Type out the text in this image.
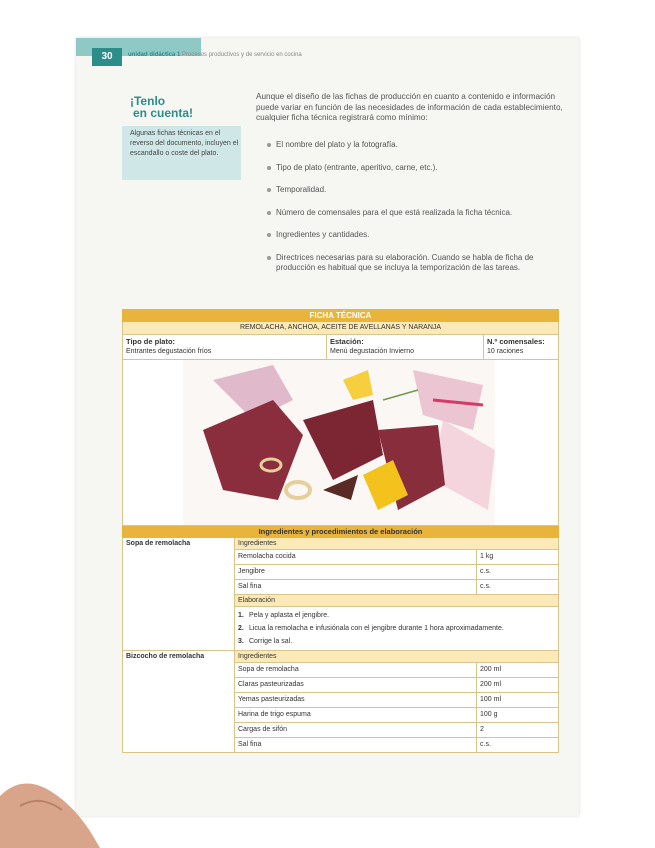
30	unidad didáctica 1 Procesos productivos y de servicio en cocina
¡Tenlo
en cuenta!
Algunas fichas técnicas en el reverso del documento, incluyen el escandallo o coste del plato.
Aunque el diseño de las fichas de producción en cuanto a contenido e información puede variar en función de las necesidades de información de cada establecimiento, cualquier ficha técnica registrará como mínimo:
El nombre del plato y la fotografía.
Tipo de plato (entrante, aperitivo, carne, etc.).
Temporalidad.
Número de comensales para el que está realizada la ficha técnica.
Ingredientes y cantidades.
Directrices necesarias para su elaboración. Cuando se habla de ficha de producción es habitual que se incluya la temporización de las tareas.
FICHA TÉCNICA
REMOLACHA, ANCHOA, ACEITE DE AVELLANAS Y NARANJA
Tipo de plato:
Entrantes degustación fríos
Estación:
Menú degustación Invierno
N.º comensales:
10 raciones
Ingredientes y procedimientos de elaboración
Sopa de remolacha	Ingredientes
Remolacha cocida	1 kg
Jengibre	c.s.
Sal fina	c.s.
Elaboración
1. Pela y aplasta el jengibre.
2. Licua la remolacha e infusiónala con el jengibre durante 1 hora aproximadamente.
3. Corrige la sal.
Bizcocho de remolacha	Ingredientes
Sopa de remolacha	200 ml
Claras pasteurizadas	200 ml
Yemas pasteurizadas	100 ml
Harina de trigo espuma	100 g
Cargas de sifón	2
Sal fina	c.s.
